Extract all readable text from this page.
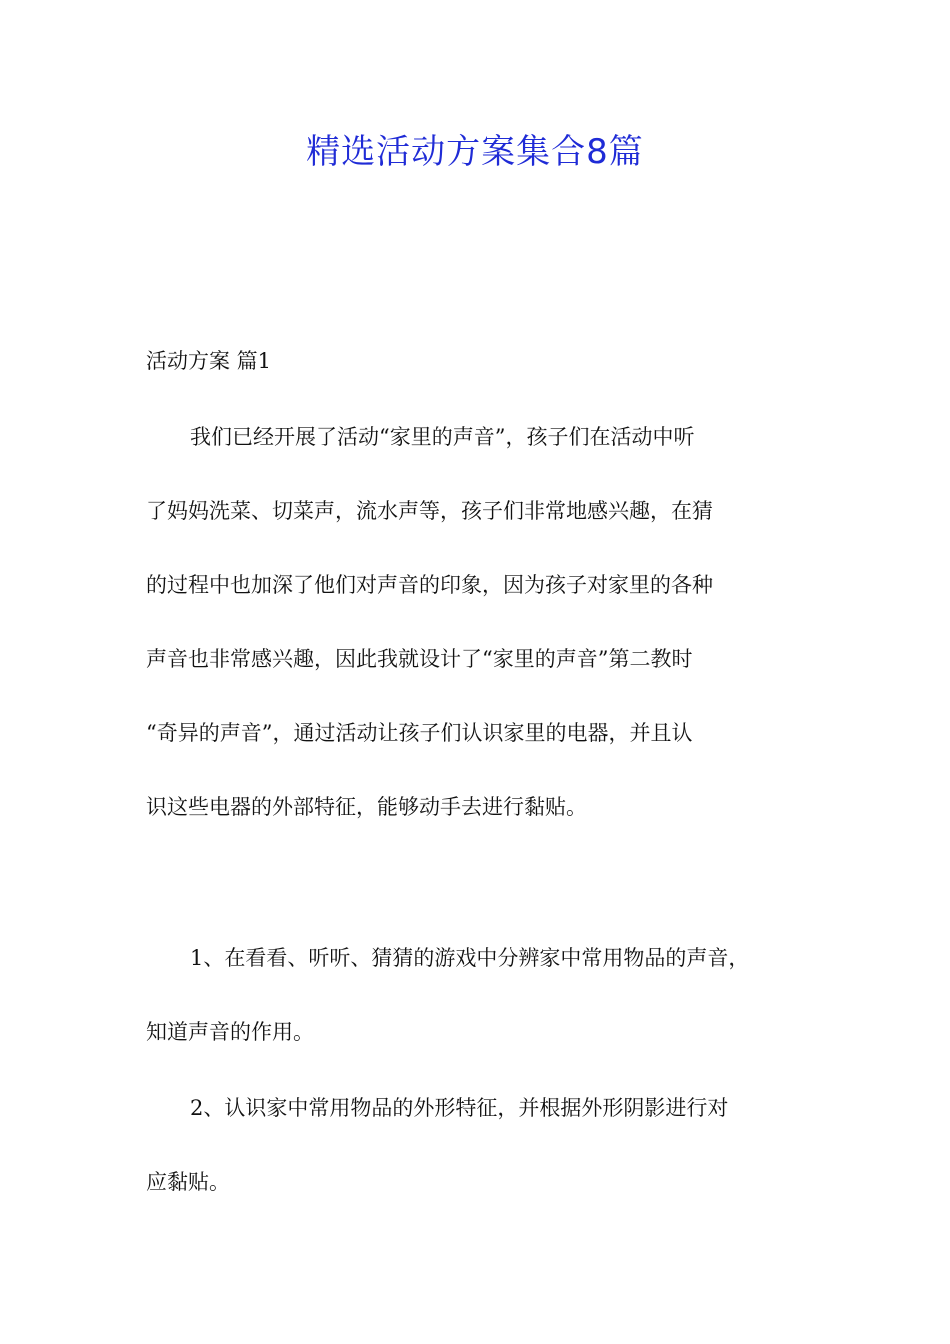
精选活动方案集合8篇
活动方案 篇1

我们已经开展了活动“家里的声音”，孩子们在活动中听
了妈妈洗菜、切菜声，流水声等，孩子们非常地感兴趣，在猜
的过程中也加深了他们对声音的印象，因为孩子对家里的各种
声音也非常感兴趣，因此我就设计了“家里的声音”第二教时
“奇异的声音”，通过活动让孩子们认识家里的电器，并且认
识这些电器的外部特征，能够动手去进行黏贴。

1、在看看、听听、猜猜的游戏中分辨家中常用物品的声音，
知道声音的作用。

2、认识家中常用物品的外形特征，并根据外形阴影进行对
应黏贴。
